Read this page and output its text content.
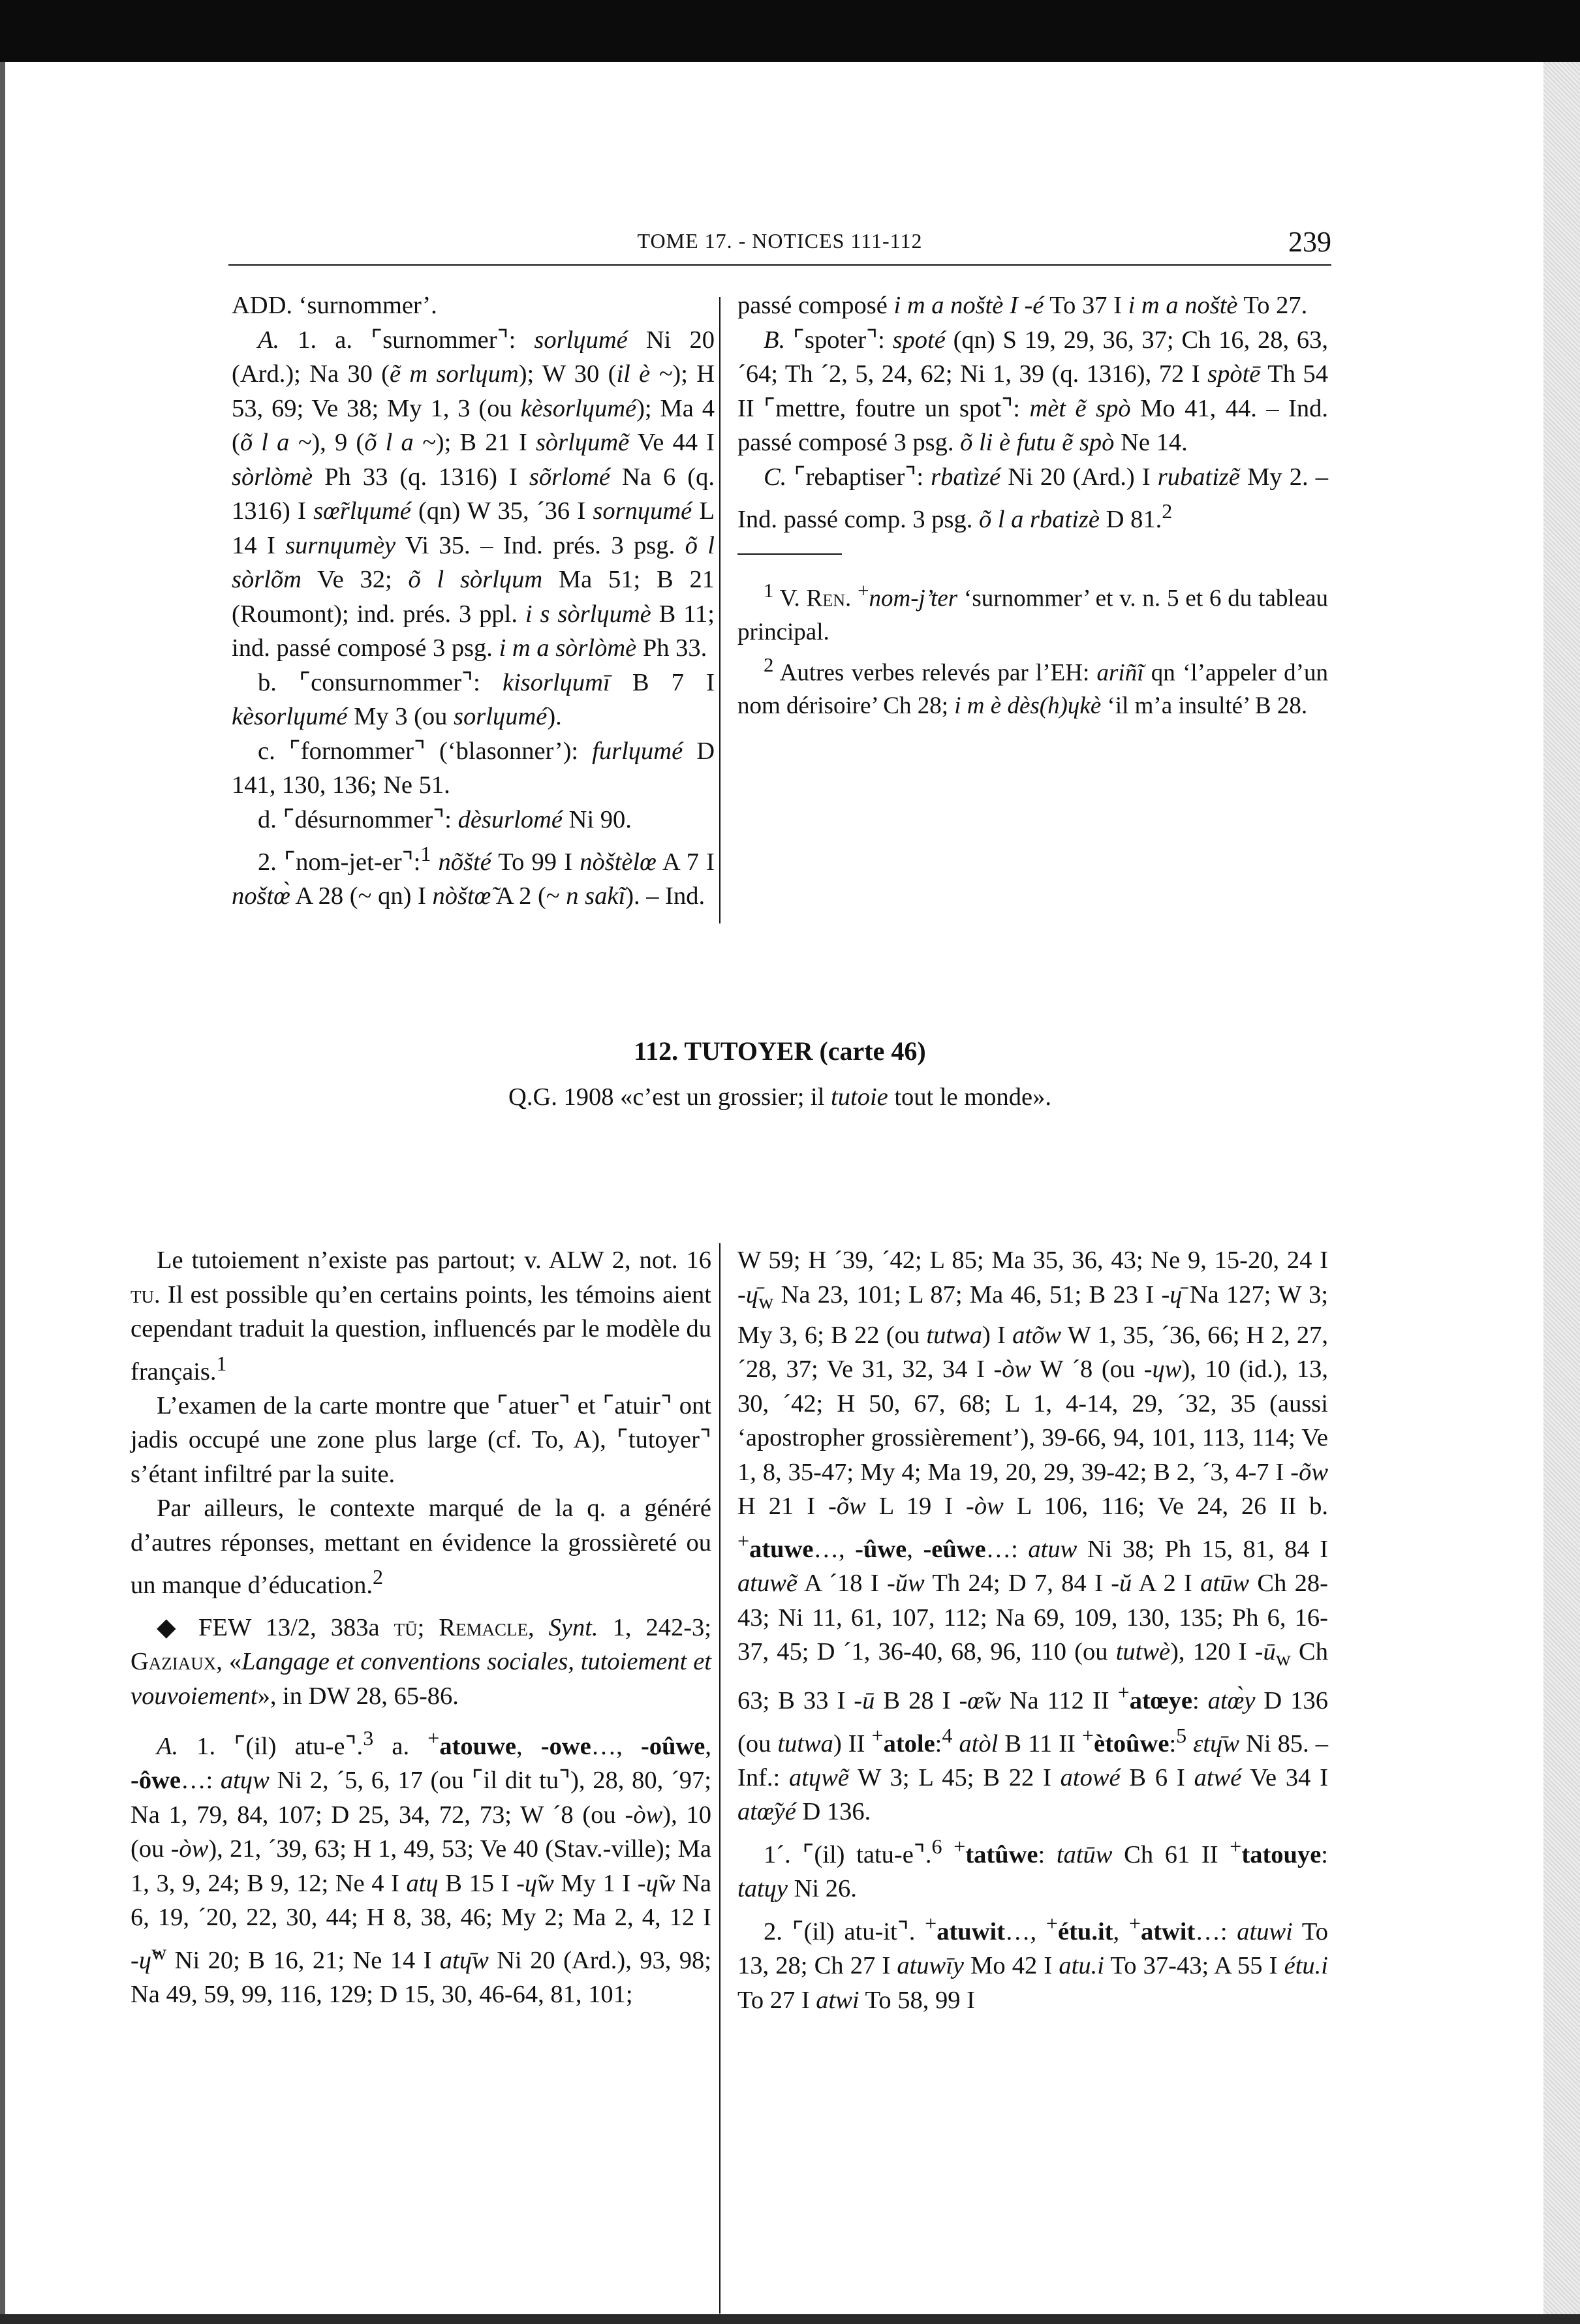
TOME 17. - NOTICES 111-112	239

ADD. ‘surnommer’.

A. 1. a. ⌜surnommer⌝: sorlɥumé Ni 20 (Ard.); Na 30 (ẽ m sorlɥum); W 30 (il è ~); H 53, 69; Ve 38; My 1, 3 (ou kèsorlɥumé); Ma 4 (õ l a ~), 9 (õ l a ~); B 21 I sòrlɥumẽ Ve 44 I sòrlòmè Ph 33 (q. 1316) I sõrlomé Na 6 (q. 1316) I sœ̃rlɥumé (qn) W 35, ´36 I sornɥumé L 14 I surnɥumèy Vi 35. – Ind. prés. 3 psg. õ l sòrlõm Ve 32; õ l sòrlɥum Ma 51; B 21 (Roumont); ind. prés. 3 ppl. i s sòrlɥumè B 11; ind. passé composé 3 psg. i m a sòrlòmè Ph 33.

b. ⌜consurnommer⌝: kisorlɥumī B 7 I kèsorlɥumé My 3 (ou sorlɥumé).

c. ⌜fornommer⌝ (‘blasonner’): furlɥumé D 141, 130, 136; Ne 51.

d. ⌜désurnommer⌝: dèsurlomé Ni 90.

2. ⌜nom-jet-er⌝:$^1$ nõšté To 99 I nòštèlœ A 7 I noštœ̀ A 28 (~ qn) I nòštœ̃ A 2 (~ n sakĩ). – Ind.

passé composé i m a noštè I -é To 37 I i m a noštè To 27.

B. ⌜spoter⌝: spoté (qn) S 19, 29, 36, 37; Ch 16, 28, 63, ´64; Th ´2, 5, 24, 62; Ni 1, 39 (q. 1316), 72 I spòtē Th 54 II ⌜mettre, foutre un spot⌝: mèt ẽ spò Mo 41, 44. – Ind. passé composé 3 psg. õ li è futu ẽ spò Ne 14.

C. ⌜rebaptiser⌝: rbatìzé Ni 20 (Ard.) I rubatizẽ My 2. – Ind. passé comp. 3 psg. õ l a rbatizè D 81.$^2$

$^1$ V. Ren. +nom-j’ter ‘surnommer’ et v. n. 5 et 6 du tableau principal.

$^2$ Autres verbes relevés par l’EH: ariñĩ qn ‘l’appeler d’un nom dérisoire’ Ch 28; i m è dès(h)ɥkè ‘il m’a insulté’ B 28.

112. TUTOYER (carte 46)
Q.G. 1908 «c’est un grossier; il tutoie tout le monde».

Le tutoiement n’existe pas partout; v. ALW 2, not. 16 tu. Il est possible qu’en certains points, les témoins aient cependant traduit la question, influencés par le modèle du français.$^1$

L’examen de la carte montre que ⌜atuer⌝ et ⌜atuir⌝ ont jadis occupé une zone plus large (cf. To, A), ⌜tutoyer⌝ s’étant infiltré par la suite.

Par ailleurs, le contexte marqué de la q. a généré d’autres réponses, mettant en évidence la grossièreté ou un manque d’éducation.$^2$

◆ FEW 13/2, 383a tū; Remacle, Synt. 1, 242-3; Gaziaux, «Langage et conventions sociales, tutoiement et vouvoiement», in DW 28, 65-86.

A. 1. ⌜(il) atu-e⌝.$^3$ a. +atouwe, -owe…, -oûwe, -ôwe…: atɥw Ni 2, ´5, 6, 17 (ou ⌜il dit tu⌝), 28, 80, ´97; Na 1, 79, 84, 107; D 25, 34, 72, 73; W ´8 (ou -òw), 10 (ou -òw), 21, ´39, 63; H 1, 49, 53; Ve 40 (Stav.-ville); Ma 1, 3, 9, 24; B 9, 12; Ne 4 I atɥ B 15 I -ɥ̃w My 1 I -ɥ̃w Na 6, 19, ´20, 22, 30, 44; H 8, 38, 46; My 2; Ma 2, 4, 12 I -ɥ̃$^w$ Ni 20; B 16, 21; Ne 14 I atɥ̄w Ni 20 (Ard.), 93, 98; Na 49, 59, 99, 116, 129; D 15, 30, 46-64, 81, 101;

W 59; H ´39, ´42; L 85; Ma 35, 36, 43; Ne 9, 15-20, 24 I $-ɥ̄_w$ Na 23, 101; L 87; Ma 46, 51; B 23 I -ɥ̄ Na 127; W 3; My 3, 6; B 22 (ou tutwa) I atõw W 1, 35, ´36, 66; H 2, 27, ´28, 37; Ve 31, 32, 34 I -òw W ´8 (ou -ɥw), 10 (id.), 13, 30, ´42; H 50, 67, 68; L 1, 4-14, 29, ´32, 35 (aussi ‘apostropher grossièrement’), 39-66, 94, 101, 113, 114; Ve 1, 8, 35-47; My 4; Ma 19, 20, 29, 39-42; B 2, ´3, 4-7 I -õw H 21 I -õw L 19 I -òw L 106, 116; Ve 24, 26 II b. +atuwe…, -ûwe, -eûwe…: atuw Ni 38; Ph 15, 81, 84 I atuwẽ A ´18 I -ŭw Th 24; D 7, 84 I -ŭ A 2 I atūw Ch 28-43; Ni 11, 61, 107, 112; Na 69, 109, 130, 135; Ph 6, 16-37, 45; D ´1, 36-40, 68, 96, 110 (ou tutwè), 120 I $-ū_w$ Ch 63; B 33 I -ū B 28 I -œ̃w Na 112 II +atœye: atœ̀y D 136 (ou tutwa) II +atole:$^4$ atòl B 11 II +ètoûwe:$^5$ ɛtɥ̄w Ni 85. – Inf.: atɥwẽ W 3; L 45; B 22 I atowé B 6 I atwé Ve 34 I atœ̃yé D 136.

1´. ⌜(il) tatu-e⌝.$^6$ +tatûwe: tatūw Ch 61 II +tatouye: tatɥy Ni 26.

2. ⌜(il) atu-it⌝. +atuwit…, +étu.it, +atwit…: atuwi To 13, 28; Ch 27 I atuwīy Mo 42 I atu.i To 37-43; A 55 I étu.i To 27 I atwi To 58, 99 I
